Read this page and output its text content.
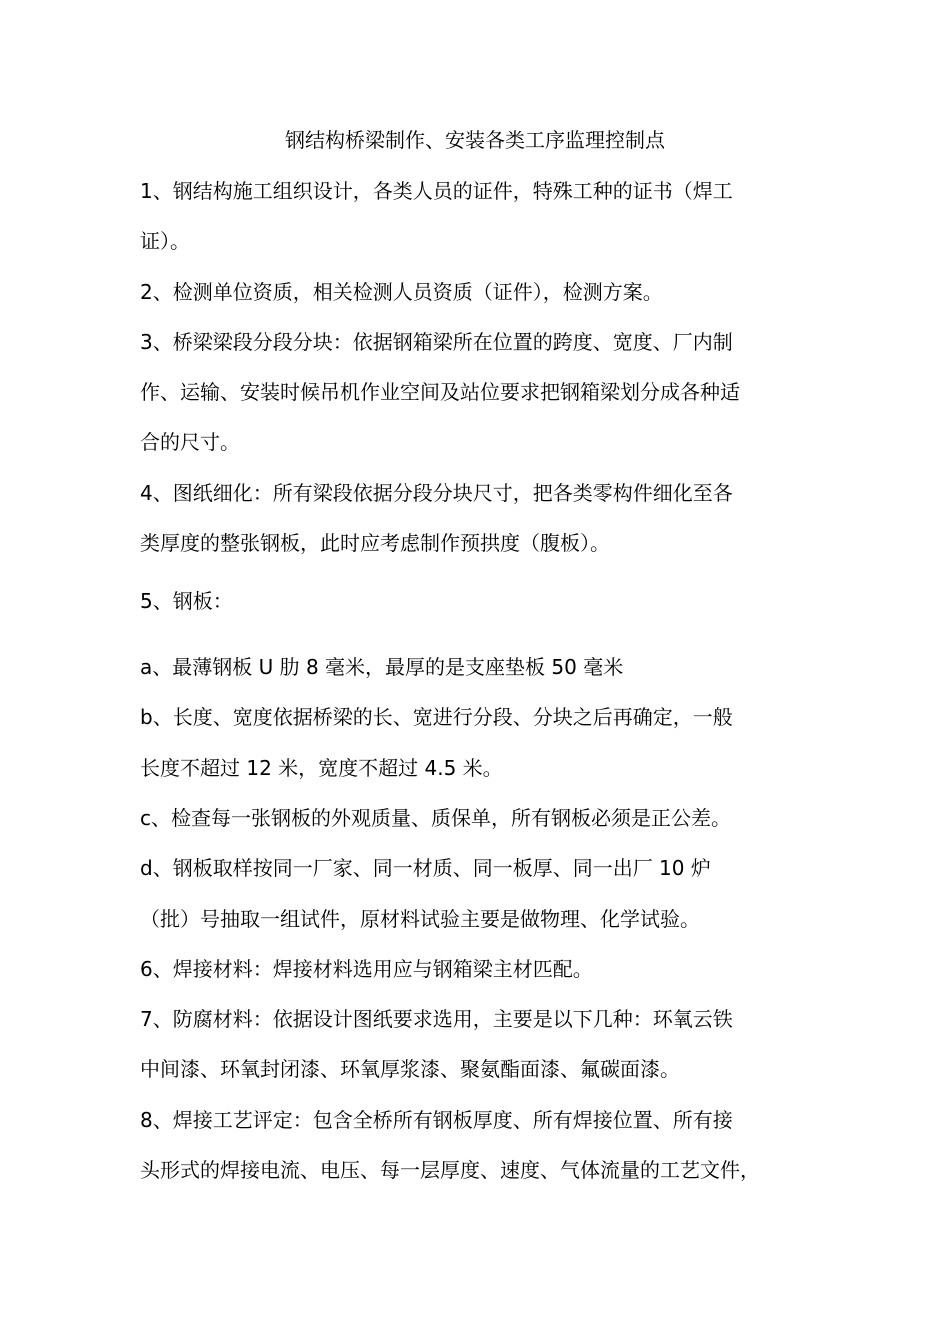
钢结构桥梁制作、安装各类工序监理控制点
1、钢结构施工组织设计，各类人员的证件，特殊工种的证书（焊工
证）。
2、检测单位资质，相关检测人员资质（证件），检测方案。
3、桥梁梁段分段分块：依据钢箱梁所在位置的跨度、宽度、厂内制
作、运输、安装时候吊机作业空间及站位要求把钢箱梁划分成各种适
合的尺寸。
4、图纸细化：所有梁段依据分段分块尺寸，把各类零构件细化至各
类厚度的整张钢板，此时应考虑制作预拱度（腹板）。
5、钢板：
a、最薄钢板 U 肋 8 毫米，最厚的是支座垫板 50 毫米
b、长度、宽度依据桥梁的长、宽进行分段、分块之后再确定，一般
长度不超过 12 米，宽度不超过 4.5 米。
c、检查每一张钢板的外观质量、质保单，所有钢板必须是正公差。
d、钢板取样按同一厂家、同一材质、同一板厚、同一出厂 10 炉
（批）号抽取一组试件，原材料试验主要是做物理、化学试验。
6、焊接材料：焊接材料选用应与钢箱梁主材匹配。
7、防腐材料：依据设计图纸要求选用，主要是以下几种：环氧云铁
中间漆、环氧封闭漆、环氧厚浆漆、聚氨酯面漆、氟碳面漆。
8、焊接工艺评定：包含全桥所有钢板厚度、所有焊接位置、所有接
头形式的焊接电流、电压、每一层厚度、速度、气体流量的工艺文件，
